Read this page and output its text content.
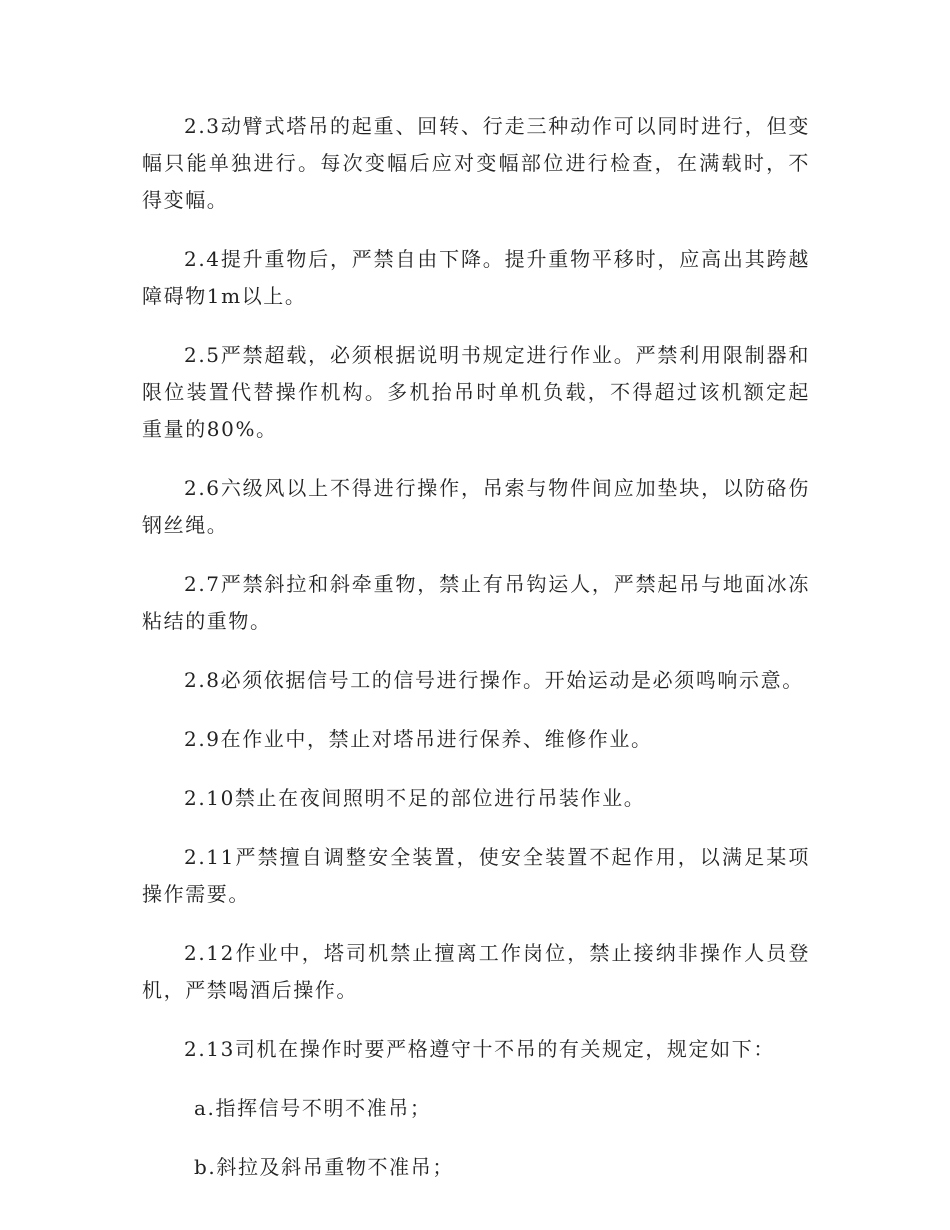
2.3动臂式塔吊的起重、回转、行走三种动作可以同时进行，但变幅只能单独进行。每次变幅后应对变幅部位进行检查，在满载时，不得变幅。

2.4提升重物后，严禁自由下降。提升重物平移时，应高出其跨越障碍物1m以上。

2.5严禁超载，必须根据说明书规定进行作业。严禁利用限制器和限位装置代替操作机构。多机抬吊时单机负载，不得超过该机额定起重量的80%。

2.6六级风以上不得进行操作，吊索与物件间应加垫块，以防硌伤钢丝绳。

2.7严禁斜拉和斜牵重物，禁止有吊钩运人，严禁起吊与地面冰冻粘结的重物。

2.8必须依据信号工的信号进行操作。开始运动是必须鸣响示意。

2.9在作业中，禁止对塔吊进行保养、维修作业。

2.10禁止在夜间照明不足的部位进行吊装作业。

2.11严禁擅自调整安全装置，使安全装置不起作用，以满足某项操作需要。

2.12作业中，塔司机禁止擅离工作岗位，禁止接纳非操作人员登机，严禁喝酒后操作。

2.13司机在操作时要严格遵守十不吊的有关规定，规定如下：

a.指挥信号不明不准吊；

b.斜拉及斜吊重物不准吊；
